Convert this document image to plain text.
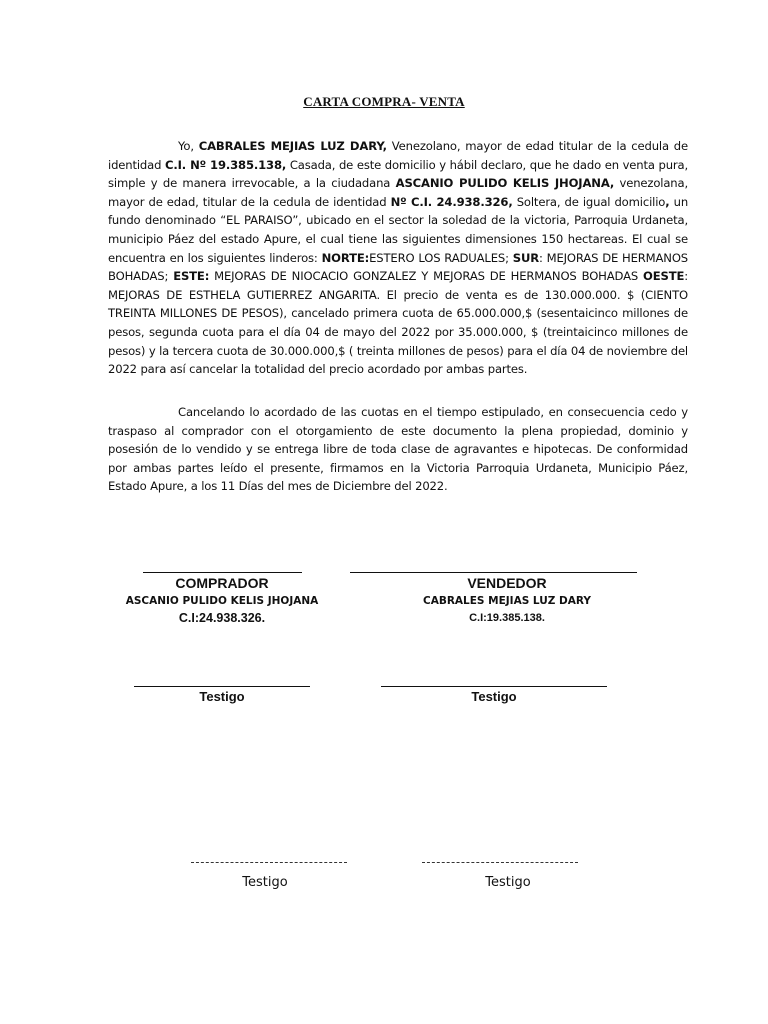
CARTA COMPRA- VENTA
Yo, CABRALES MEJIAS LUZ DARY, Venezolano, mayor de edad titular de la cedula de identidad C.I. Nº 19.385.138, Casada, de este domicilio y hábil declaro, que he dado en venta pura, simple y de manera irrevocable, a la ciudadana ASCANIO PULIDO KELIS JHOJANA, venezolana, mayor de edad, titular de la cedula de identidad Nº C.I. 24.938.326, Soltera, de igual domicilio, un fundo denominado “EL PARAISO”, ubicado en el sector la soledad de la victoria, Parroquia Urdaneta, municipio Páez del estado Apure, el cual tiene las siguientes dimensiones 150 hectareas. El cual se encuentra en los siguientes linderos: NORTE:ESTERO LOS RADUALES; SUR: MEJORAS DE HERMANOS BOHADAS; ESTE: MEJORAS DE NIOCACIO GONZALEZ Y MEJORAS DE HERMANOS BOHADAS OESTE: MEJORAS DE ESTHELA GUTIERREZ ANGARITA. El precio de venta es de 130.000.000. $ (CIENTO TREINTA MILLONES DE PESOS), cancelado primera cuota de 65.000.000,$ (sesentaicinco millones de pesos, segunda cuota para el día 04 de mayo del 2022 por 35.000.000, $ (treintaicinco millones de pesos) y la tercera cuota de 30.000.000,$ ( treinta millones de pesos) para el día 04 de noviembre del 2022 para así cancelar la totalidad del precio acordado por ambas partes.
Cancelando lo acordado de las cuotas en el tiempo estipulado, en consecuencia cedo y traspaso al comprador con el otorgamiento de este documento la plena propiedad, dominio y posesión de lo vendido y se entrega libre de toda clase de agravantes e hipotecas. De conformidad por ambas partes leído el presente, firmamos en la Victoria Parroquia Urdaneta, Municipio Páez, Estado Apure, a los 11 Días del mes de Diciembre del 2022.
COMPRADOR	VENDEDOR
ASCANIO PULIDO KELIS JHOJANA	CABRALES MEJIAS LUZ DARY
C.I:24.938.326.	C.I:19.385.138.
Testigo	Testigo
Testigo	Testigo
